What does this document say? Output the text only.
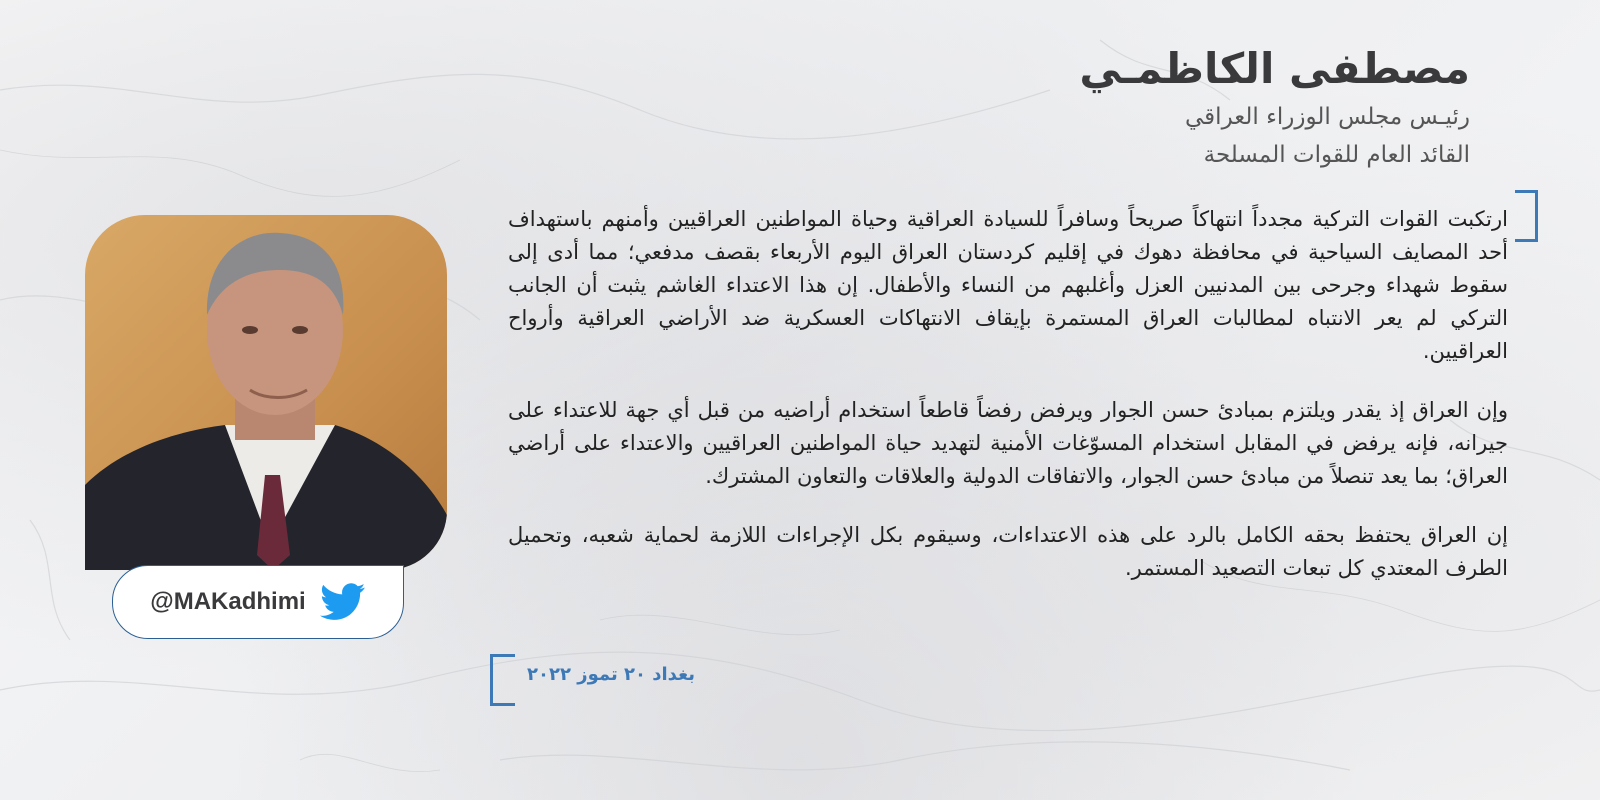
مصطفى الكاظمـي

رئيـس مجلس الوزراء العراقي

القائد العام للقوات المسلحة

ارتكبت القوات التركية مجدداً انتهاكاً صريحاً وسافراً للسيادة العراقية وحياة المواطنين العراقيين وأمنهم باستهداف أحد المصايف السياحية في محافظة دهوك في إقليم كردستان العراق اليوم الأربعاء بقصف مدفعي؛ مما أدى إلى سقوط شهداء وجرحى بين المدنيين العزل وأغلبهم من النساء والأطفال. إن هذا الاعتداء الغاشم يثبت أن الجانب التركي لم يعر الانتباه لمطالبات العراق المستمرة بإيقاف الانتهاكات العسكرية ضد الأراضي العراقية وأرواح العراقيين.

وإن العراق إذ يقدر ويلتزم بمبادئ حسن الجوار ويرفض رفضاً قاطعاً استخدام أراضيه من قبل أي جهة للاعتداء على جيرانه، فإنه يرفض في المقابل استخدام المسوّغات الأمنية لتهديد حياة المواطنين العراقيين والاعتداء على أراضي العراق؛ بما يعد تنصلاً من مبادئ حسن الجوار، والاتفاقات الدولية والعلاقات والتعاون المشترك.

إن العراق يحتفظ بحقه الكامل بالرد على هذه الاعتداءات، وسيقوم بكل الإجراءات اللازمة لحماية شعبه، وتحميل الطرف المعتدي كل تبعات التصعيد المستمر.

بغداد ٢٠ تموز ٢٠٢٢
@MAKadhimi
